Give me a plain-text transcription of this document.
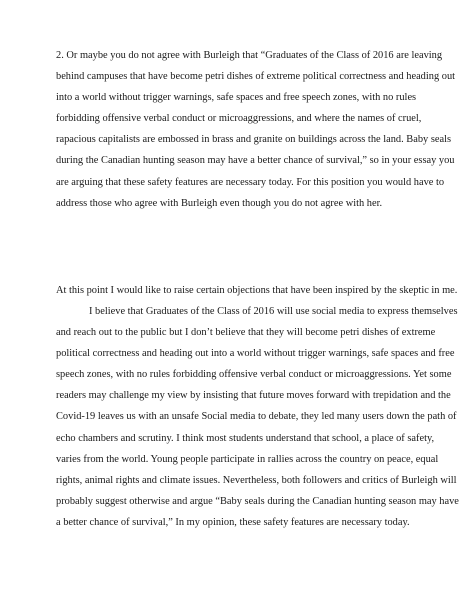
2. Or maybe you do not agree with Burleigh that “Graduates of the Class of 2016 are leaving
behind campuses that have become petri dishes of extreme political correctness and heading out
into a world without trigger warnings, safe spaces and free speech zones, with no rules
forbidding offensive verbal conduct or microaggressions, and where the names of cruel,
rapacious capitalists are embossed in brass and granite on buildings across the land. Baby seals
during the Canadian hunting season may have a better chance of survival,” so in your essay you
are arguing that these safety features are necessary today. For this position you would have to
address those who agree with Burleigh even though you do not agree with her.

At this point I would like to raise certain objections that have been inspired by the skeptic in me.

I believe that Graduates of the Class of 2016 will use social media to express themselves
and reach out to the public but I don’t believe that they will become petri dishes of extreme
political correctness and heading out into a world without trigger warnings, safe spaces and free
speech zones, with no rules forbidding offensive verbal conduct or microaggressions. Yet some
readers may challenge my view by insisting that future moves forward with trepidation and the
Covid-19 leaves us with an unsafe Social media to debate, they led many users down the path of
echo chambers and scrutiny. I think most students understand that school, a place of safety,
varies from the world. Young people participate in rallies across the country on peace, equal
rights, animal rights and climate issues. Nevertheless, both followers and critics of Burleigh will
probably suggest otherwise and argue “Baby seals during the Canadian hunting season may have
a better chance of survival,” In my opinion, these safety features are necessary today.
